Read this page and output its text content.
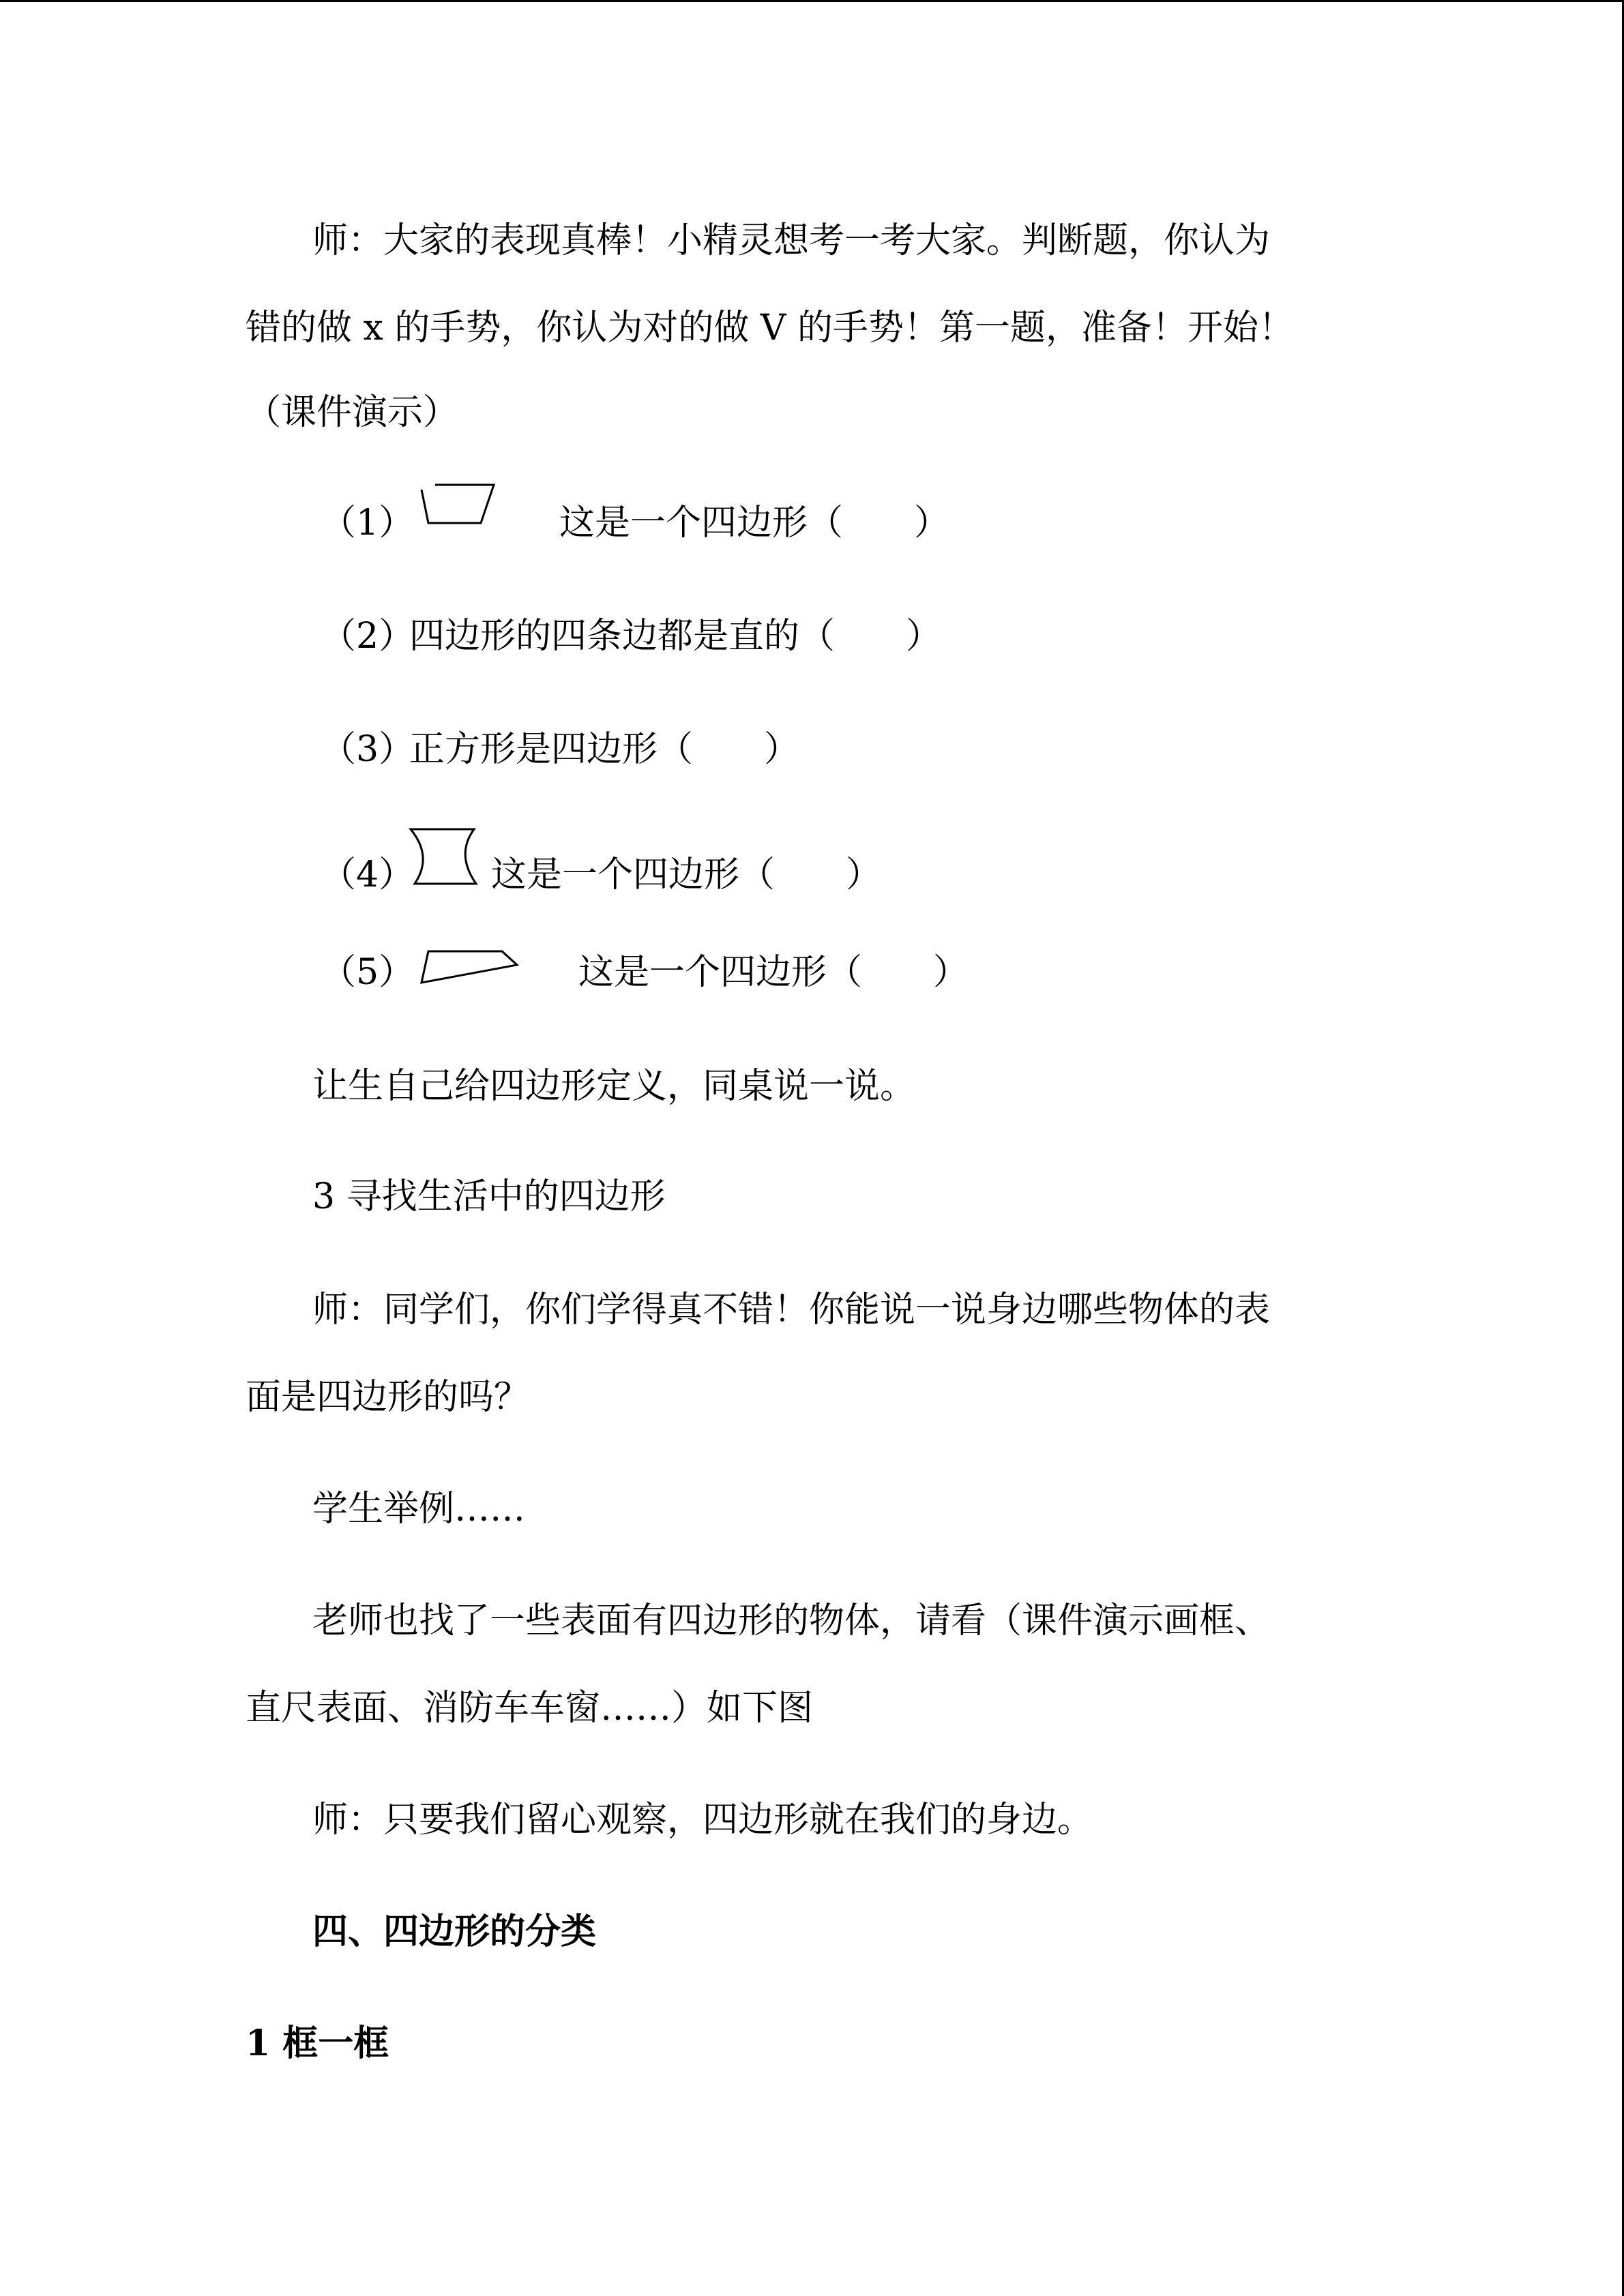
师：大家的表现真棒！小精灵想考一考大家。判断题，你认为
错的做 x 的手势，你认为对的做 V 的手势！第一题，准备！开始！
（课件演示）
（1）	这是一个四边形（　　）
（2）
四边形的四条边都是直的（　　）
（3）
正方形是四边形（　　）
（4） 这是一个四边形（　　）
（5）	这是一个四边形（　　）
让生自己给四边形定义，同桌说一说。
3 寻找生活中的四边形
师：同学们，你们学得真不错！你能说一说身边哪些物体的表
面是四边形的吗？
学生举例……
老师也找了一些表面有四边形的物体，请看（课件演示画框、
直尺表面、消防车车窗……）如下图
师：只要我们留心观察，四边形就在我们的身边。
四、四边形的分类
1 框一框
